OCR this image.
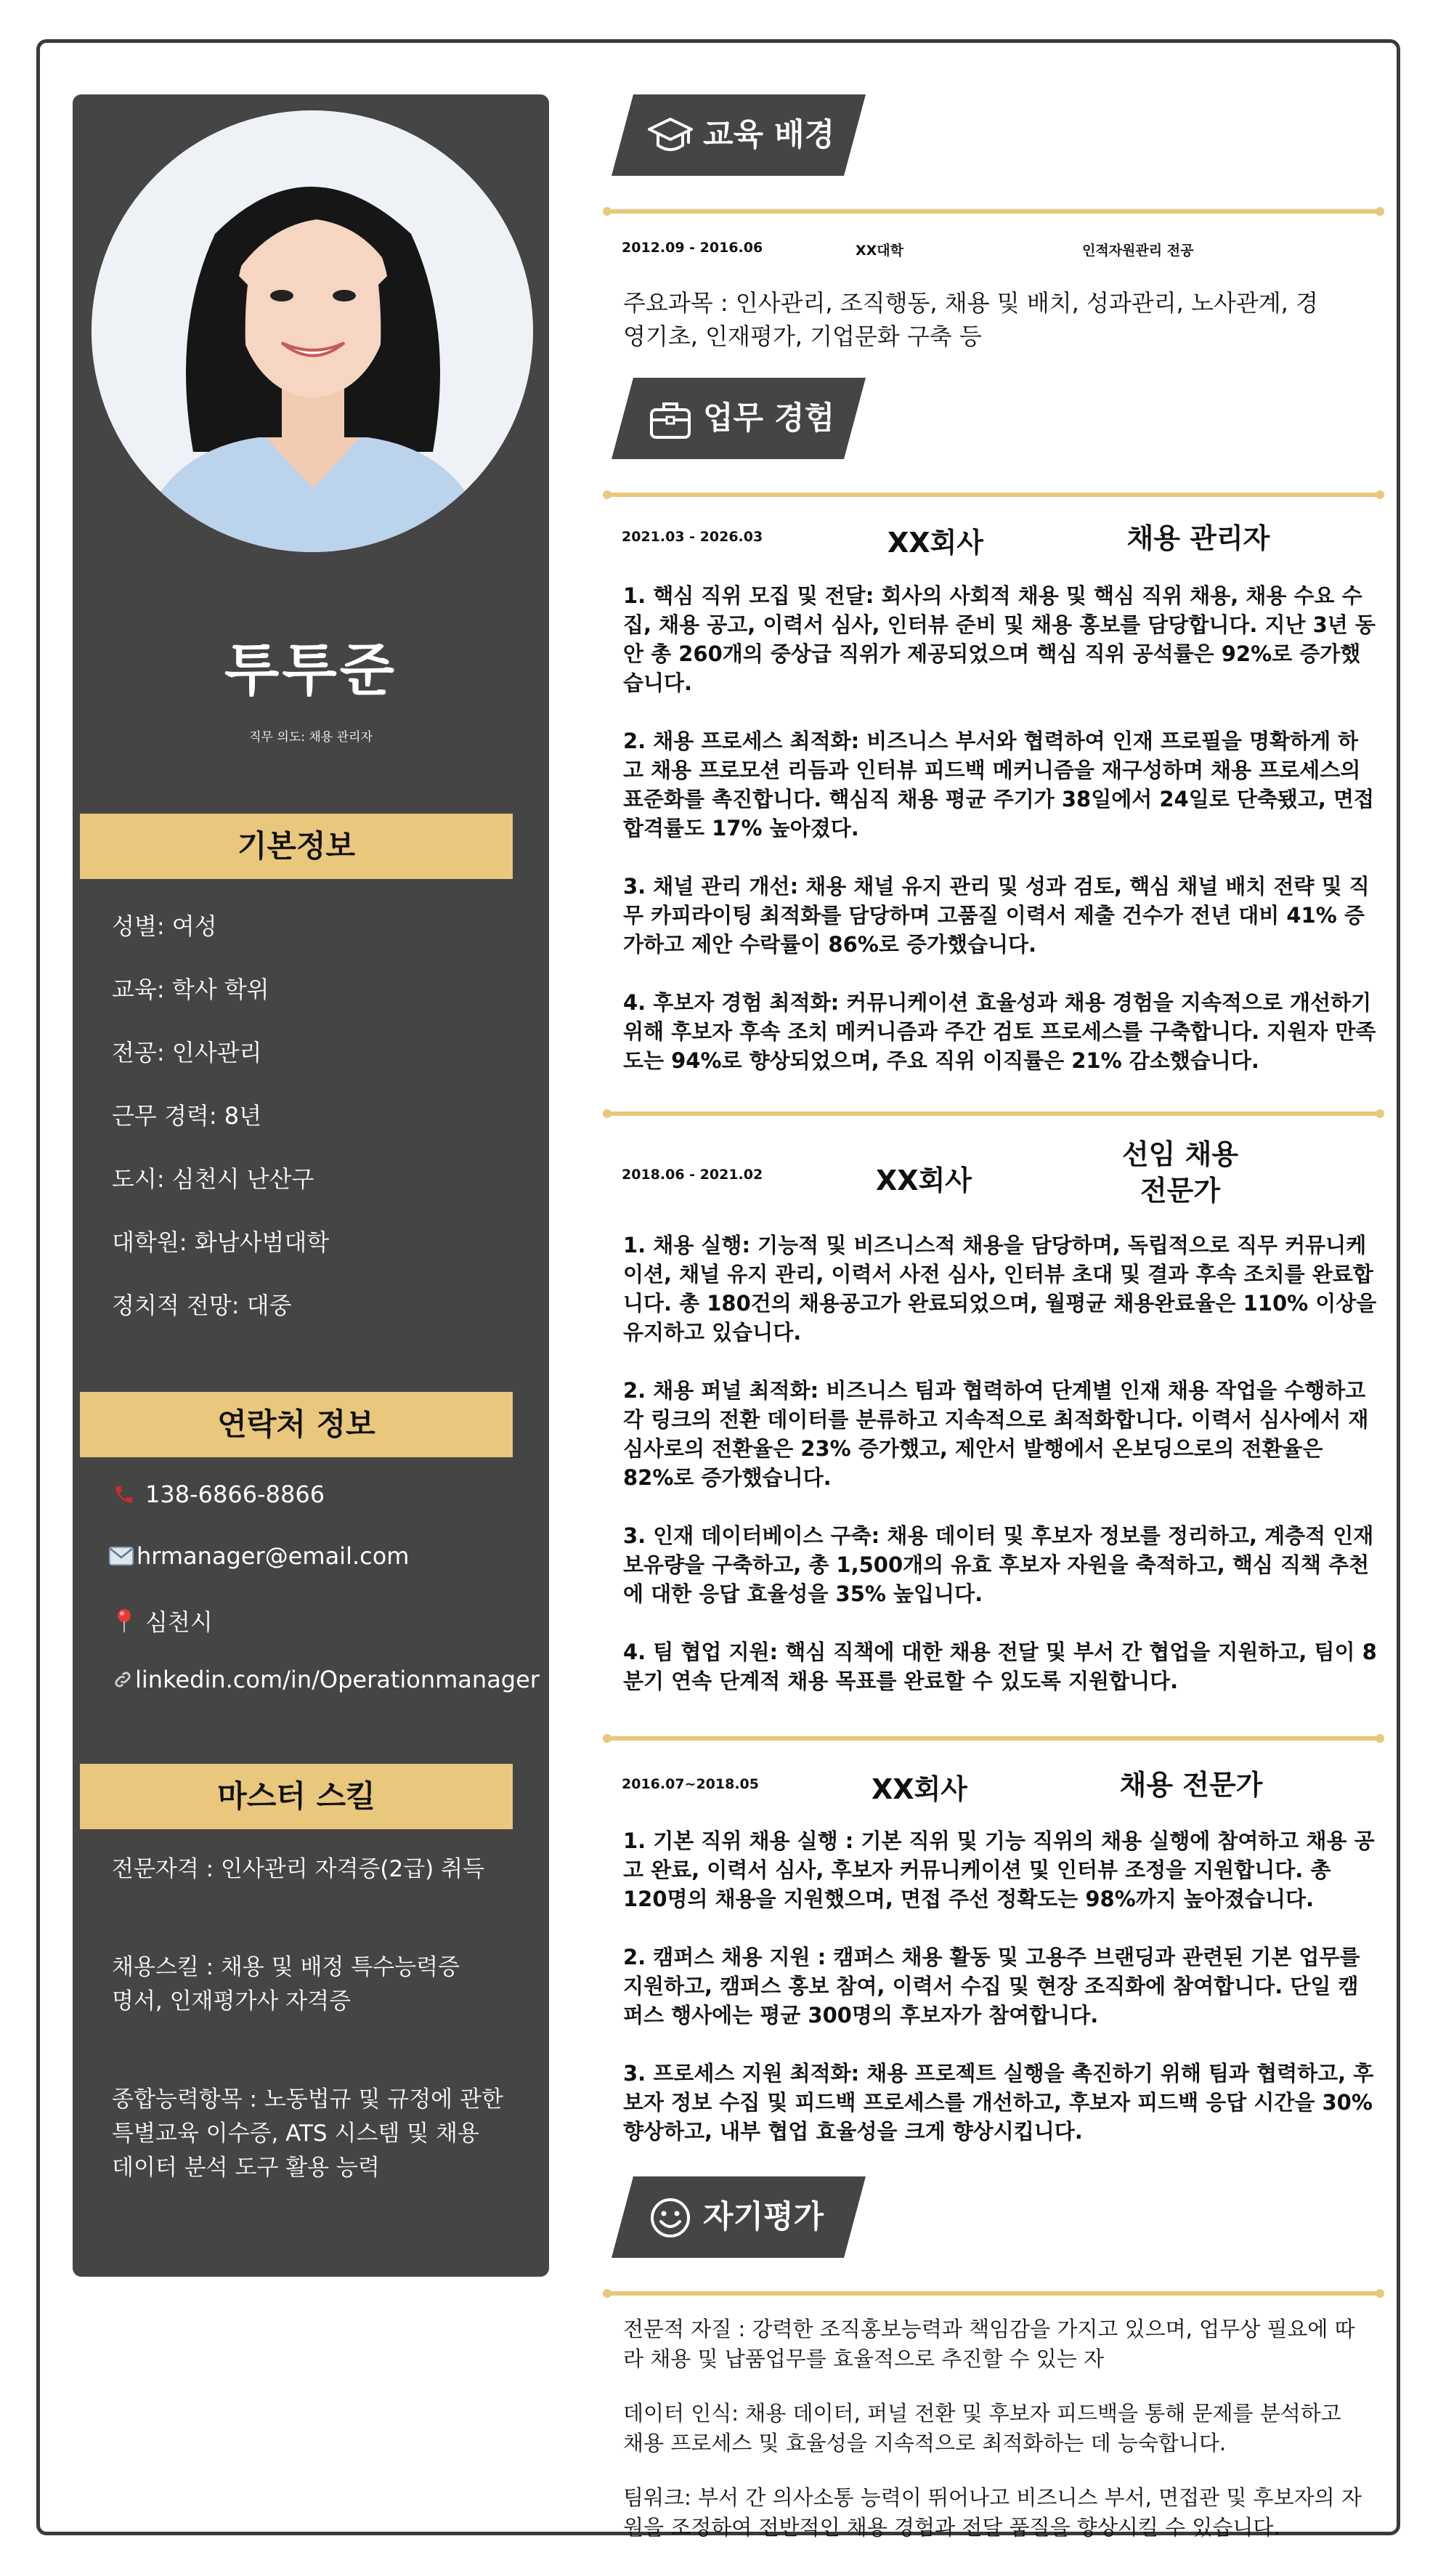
투투준
직무 의도: 채용 관리자
기본정보
성별: 여성
교육: 학사 학위
전공: 인사관리
근무 경력: 8년
도시: 심천시 난산구
대학원: 화남사범대학
정치적 전망: 대중
연락처 정보
138-6866-8866
hrmanager@email.com
심천시
linkedin.com/in/Operationmanager
마스터 스킬
전문자격 : 인사관리 자격증(2급) 취득
채용스킬 : 채용 및 배정 특수능력증명서, 인재평가사 자격증
종합능력항목 : 노동법규 및 규정에 관한 특별교육 이수증, ATS 시스템 및 채용 데이터 분석 도구 활용 능력
교육 배경
2012.09 - 2016.06	XX대학	인적자원관리 전공
주요과목 : 인사관리, 조직행동, 채용 및 배치, 성과관리, 노사관계, 경영기초, 인재평가, 기업문화 구축 등
업무 경험
2021.03 - 2026.03	XX회사	채용 관리자
1. 핵심 직위 모집 및 전달: 회사의 사회적 채용 및 핵심 직위 채용, 채용 수요 수집, 채용 공고, 이력서 심사, 인터뷰 준비 및 채용 홍보를 담당합니다. 지난 3년 동안 총 260개의 중상급 직위가 제공되었으며 핵심 직위 공석률은 92%로 증가했습니다.
2. 채용 프로세스 최적화: 비즈니스 부서와 협력하여 인재 프로필을 명확하게 하고 채용 프로모션 리듬과 인터뷰 피드백 메커니즘을 재구성하며 채용 프로세스의 표준화를 촉진합니다. 핵심직 채용 평균 주기가 38일에서 24일로 단축됐고, 면접 합격률도 17% 높아졌다.
3. 채널 관리 개선: 채용 채널 유지 관리 및 성과 검토, 핵심 채널 배치 전략 및 직무 카피라이팅 최적화를 담당하며 고품질 이력서 제출 건수가 전년 대비 41% 증가하고 제안 수락률이 86%로 증가했습니다.
4. 후보자 경험 최적화: 커뮤니케이션 효율성과 채용 경험을 지속적으로 개선하기 위해 후보자 후속 조치 메커니즘과 주간 검토 프로세스를 구축합니다. 지원자 만족도는 94%로 향상되었으며, 주요 직위 이직률은 21% 감소했습니다.
2018.06 - 2021.02	XX회사
선임 채용
전문가
1. 채용 실행: 기능적 및 비즈니스적 채용을 담당하며, 독립적으로 직무 커뮤니케이션, 채널 유지 관리, 이력서 사전 심사, 인터뷰 초대 및 결과 후속 조치를 완료합니다. 총 180건의 채용공고가 완료되었으며, 월평균 채용완료율은 110% 이상을 유지하고 있습니다.
2. 채용 퍼널 최적화: 비즈니스 팀과 협력하여 단계별 인재 채용 작업을 수행하고 각 링크의 전환 데이터를 분류하고 지속적으로 최적화합니다. 이력서 심사에서 재심사로의 전환율은 23% 증가했고, 제안서 발행에서 온보딩으로의 전환율은 82%로 증가했습니다.
3. 인재 데이터베이스 구축: 채용 데이터 및 후보자 정보를 정리하고, 계층적 인재 보유량을 구축하고, 총 1,500개의 유효 후보자 자원을 축적하고, 핵심 직책 추천에 대한 응답 효율성을 35% 높입니다.
4. 팀 협업 지원: 핵심 직책에 대한 채용 전달 및 부서 간 협업을 지원하고, 팀이 8분기 연속 단계적 채용 목표를 완료할 수 있도록 지원합니다.
2016.07~2018.05	XX회사	채용 전문가
1. 기본 직위 채용 실행 : 기본 직위 및 기능 직위의 채용 실행에 참여하고 채용 공고 완료, 이력서 심사, 후보자 커뮤니케이션 및 인터뷰 조정을 지원합니다. 총 120명의 채용을 지원했으며, 면접 주선 정확도는 98%까지 높아졌습니다.
2. 캠퍼스 채용 지원 : 캠퍼스 채용 활동 및 고용주 브랜딩과 관련된 기본 업무를 지원하고, 캠퍼스 홍보 참여, 이력서 수집 및 현장 조직화에 참여합니다. 단일 캠퍼스 행사에는 평균 300명의 후보자가 참여합니다.
3. 프로세스 지원 최적화: 채용 프로젝트 실행을 촉진하기 위해 팀과 협력하고, 후보자 정보 수집 및 피드백 프로세스를 개선하고, 후보자 피드백 응답 시간을 30% 향상하고, 내부 협업 효율성을 크게 향상시킵니다.
자기평가
전문적 자질 : 강력한 조직홍보능력과 책임감을 가지고 있으며, 업무상 필요에 따라 채용 및 납품업무를 효율적으로 추진할 수 있는 자
데이터 인식: 채용 데이터, 퍼널 전환 및 후보자 피드백을 통해 문제를 분석하고 채용 프로세스 및 효율성을 지속적으로 최적화하는 데 능숙합니다.
팀워크: 부서 간 의사소통 능력이 뛰어나고 비즈니스 부서, 면접관 및 후보자의 자원을 조정하여 전반적인 채용 경험과 전달 품질을 향상시킬 수 있습니다.
